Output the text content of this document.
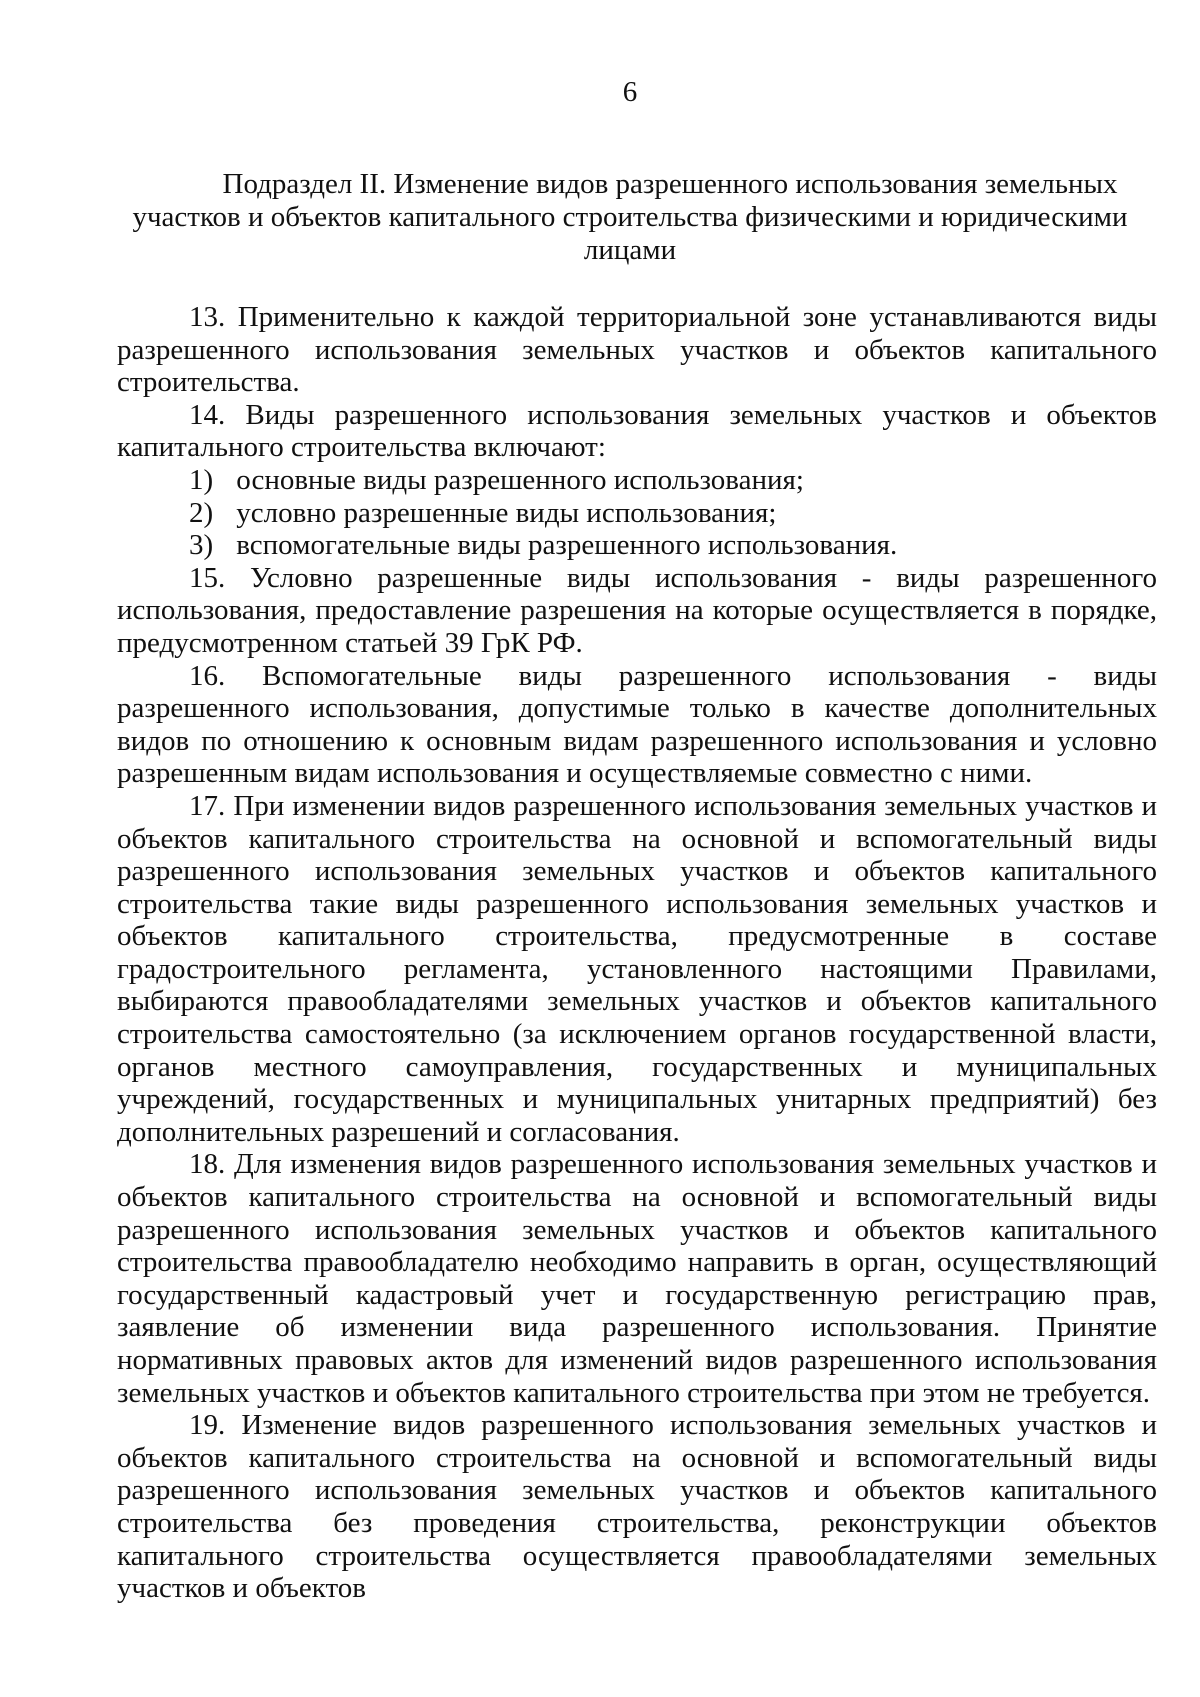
6
Подраздел II. Изменение видов разрешенного использования земельных участков и объектов капитального строительства физическими и юридическими лицами

13. Применительно к каждой территориальной зоне устанавливаются виды разрешенного использования земельных участков и объектов капитального строительства.

14. Виды разрешенного использования земельных участков и объектов капитального строительства включают:

1) основные виды разрешенного использования;

2) условно разрешенные виды использования;

3) вспомогательные виды разрешенного использования.

15. Условно разрешенные виды использования - виды разрешенного использования, предоставление разрешения на которые осуществляется в порядке, предусмотренном статьей 39 ГрК РФ.

16. Вспомогательные виды разрешенного использования - виды разрешенного использования, допустимые только в качестве дополнительных видов по отношению к основным видам разрешенного использования и условно разрешенным видам использования и осуществляемые совместно с ними.

17. При изменении видов разрешенного использования земельных участков и объектов капитального строительства на основной и вспомогательный виды разрешенного использования земельных участков и объектов капитального строительства такие виды разрешенного использования земельных участков и объектов капитального строительства, предусмотренные в составе градостроительного регламента, установленного настоящими Правилами, выбираются правообладателями земельных участков и объектов капитального строительства самостоятельно (за исключением органов государственной власти, органов местного самоуправления, государственных и муниципальных учреждений, государственных и муниципальных унитарных предприятий) без дополнительных разрешений и согласования.

18. Для изменения видов разрешенного использования земельных участков и объектов капитального строительства на основной и вспомогательный виды разрешенного использования земельных участков и объектов капитального строительства правообладателю необходимо направить в орган, осуществляющий государственный кадастровый учет и государственную регистрацию прав, заявление об изменении вида разрешенного использования. Принятие нормативных правовых актов для изменений видов разрешенного использования земельных участков и объектов капитального строительства при этом не требуется.

19. Изменение видов разрешенного использования земельных участков и объектов капитального строительства на основной и вспомогательный виды разрешенного использования земельных участков и объектов капитального строительства без проведения строительства, реконструкции объектов капитального строительства осуществляется правообладателями земельных участков и объектов
